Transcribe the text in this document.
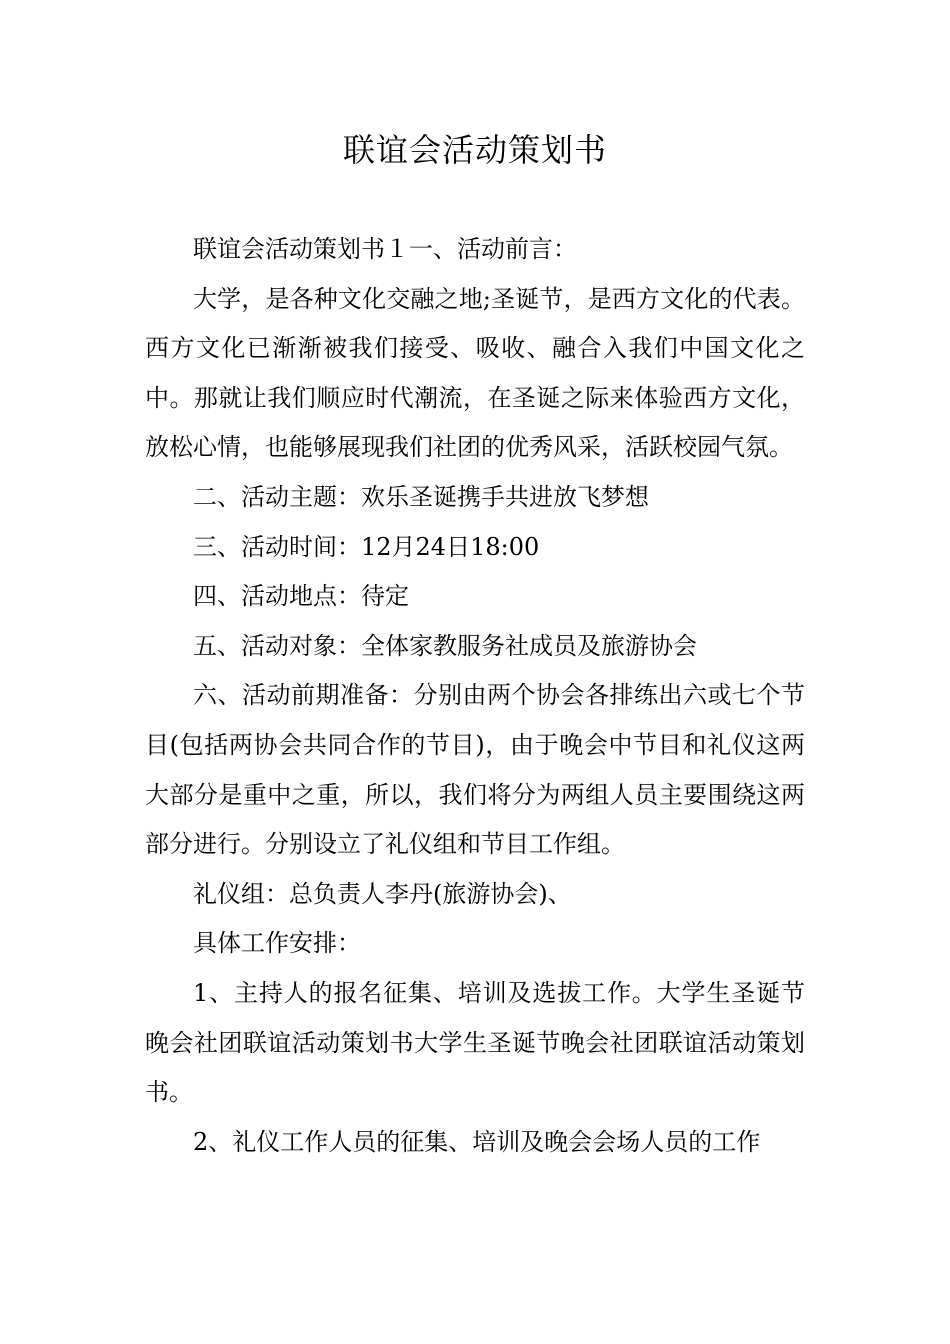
联谊会活动策划书

联谊会活动策划书１一、活动前言：

大学，是各种文化交融之地;圣诞节，是西方文化的代表。西方文化已渐渐被我们接受、吸收、融合入我们中国文化之中。那就让我们顺应时代潮流，在圣诞之际来体验西方文化，放松心情，也能够展现我们社团的优秀风采，活跃校园气氛。

二、活动主题：欢乐圣诞携手共进放飞梦想

三、活动时间：12月24日18:00

四、活动地点：待定

五、活动对象：全体家教服务社成员及旅游协会

六、活动前期准备：分别由两个协会各排练出六或七个节目(包括两协会共同合作的节目)，由于晚会中节目和礼仪这两大部分是重中之重，所以，我们将分为两组人员主要围绕这两部分进行。分别设立了礼仪组和节目工作组。

礼仪组：总负责人李丹(旅游协会)、

具体工作安排：

1、主持人的报名征集、培训及选拔工作。大学生圣诞节晚会社团联谊活动策划书大学生圣诞节晚会社团联谊活动策划书。

2、礼仪工作人员的征集、培训及晚会会场人员的工作
